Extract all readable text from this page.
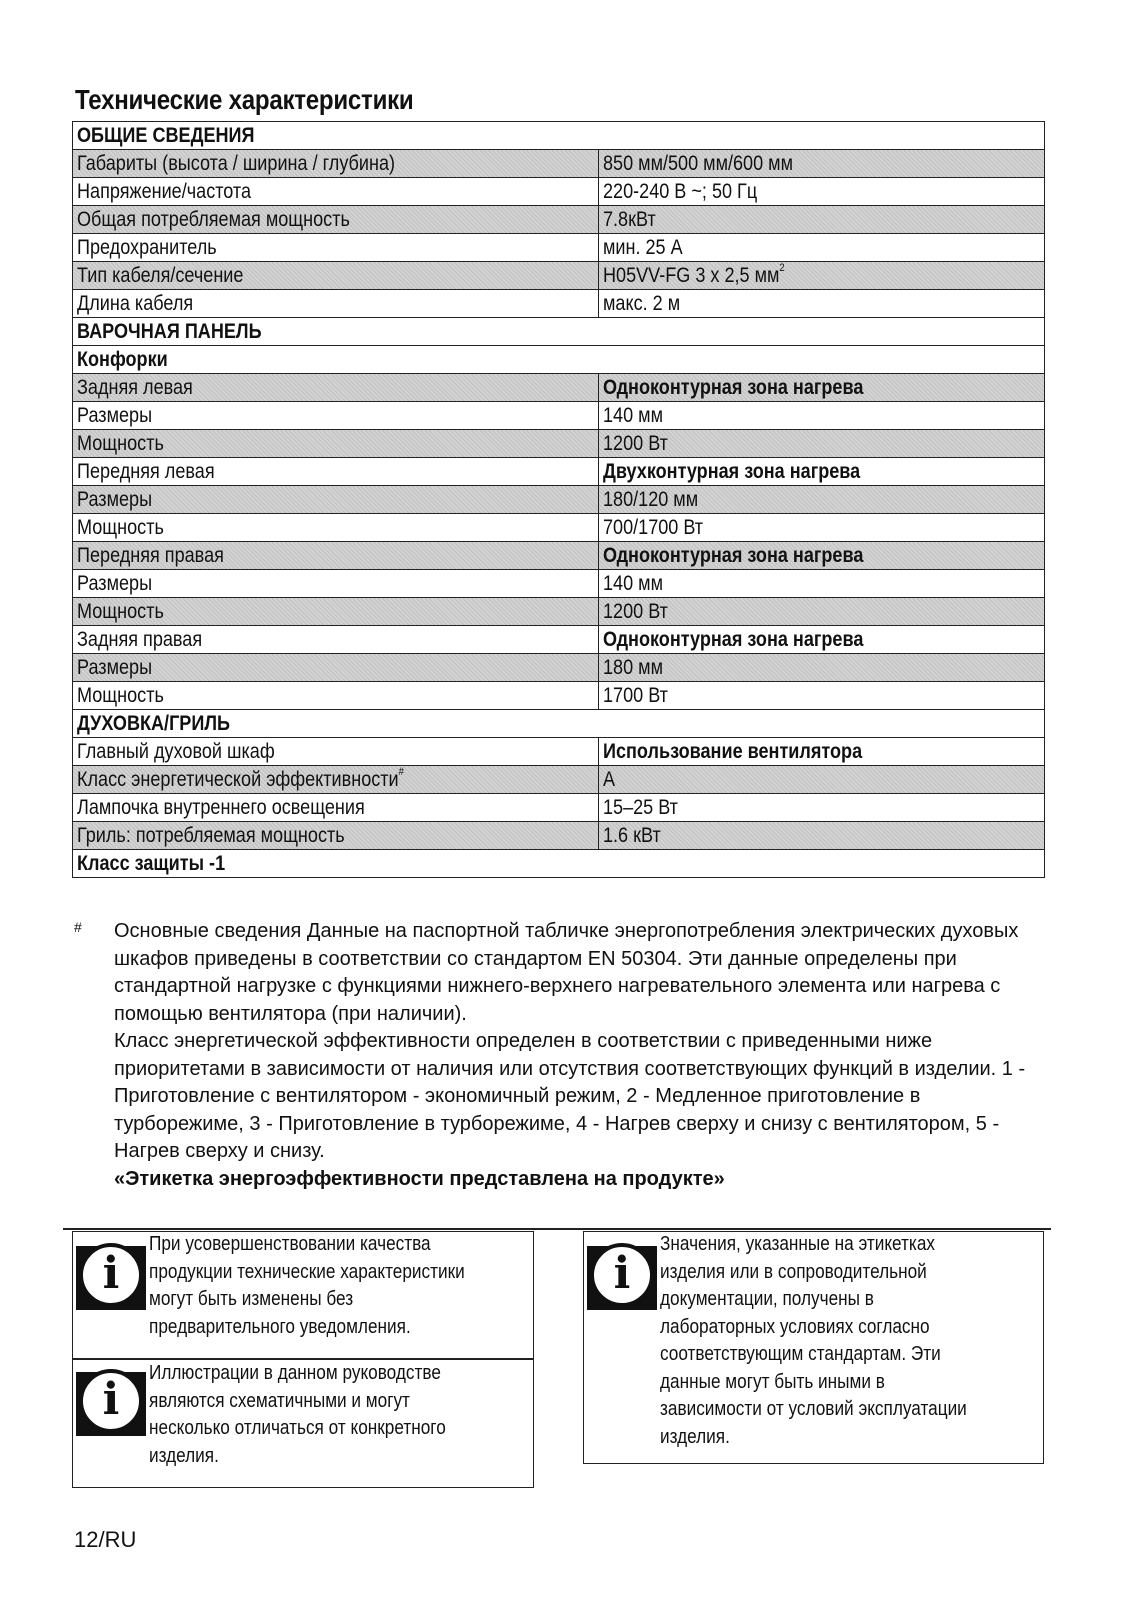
Технические характеристики
ОБЩИЕ СВЕДЕНИЯ	
Габариты (высота / ширина / глубина)	850 мм/500 мм/600 мм
Напряжение/частота	220-240 В ~; 50 Гц
Общая потребляемая мощность	7.8кВт
Предохранитель	мин. 25 А
Тип кабеля/сечение	H05VV-FG 3 x 2,5 $мм^2$
Длина кабеля	макс. 2 м
ВАРОЧНАЯ ПАНЕЛЬ	
Конфорки	
Задняя левая	Одноконтурная зона нагрева
Размеры	140 мм
Мощность	1200 Вт
Передняя левая	Двухконтурная зона нагрева
Размеры	180/120 мм
Мощность	700/1700 Вт
Передняя правая	Одноконтурная зона нагрева
Размеры	140 мм
Мощность	1200 Вт
Задняя правая	Одноконтурная зона нагрева
Размеры	180 мм
Мощность	1700 Вт
ДУХОВКА/ГРИЛЬ	
Главный духовой шкаф	Использование вентилятора
Класс энергетической эффективности#	A
Лампочка внутреннего освещения	15–25 Вт
Гриль: потребляемая мощность	1.6 кВт
Класс защиты -1	
# Основные сведения Данные на паспортной табличке энергопотребления электрических духовых шкафов приведены в соответствии со стандартом EN 50304. Эти данные определены при стандартной нагрузке с функциями нижнего-верхнего нагревательного элемента или нагрева с помощью вентилятора (при наличии).

Класс энергетической эффективности определен в соответствии с приведенными ниже приоритетами в зависимости от наличия или отсутствия соответствующих функций в изделии. 1 - Приготовление с вентилятором - экономичный режим, 2 - Медленное приготовление в турборежиме, 3 - Приготовление в турборежиме, 4 - Нагрев сверху и снизу с вентилятором, 5 - Нагрев сверху и снизу.

«Этикетка энергоэффективности представлена на продукте»

i
При усовершенствовании качества
продукции технические характеристики
могут быть изменены без
предварительного уведомления.
i
Иллюстрации в данном руководстве
являются схематичными и могут
несколько отличаться от конкретного
изделия.
i
Значения, указанные на этикетках
изделия или в сопроводительной
документации, получены в
лабораторных условиях согласно
соответствующим стандартам. Эти
данные могут быть иными в
зависимости от условий эксплуатации
изделия.
12/RU
